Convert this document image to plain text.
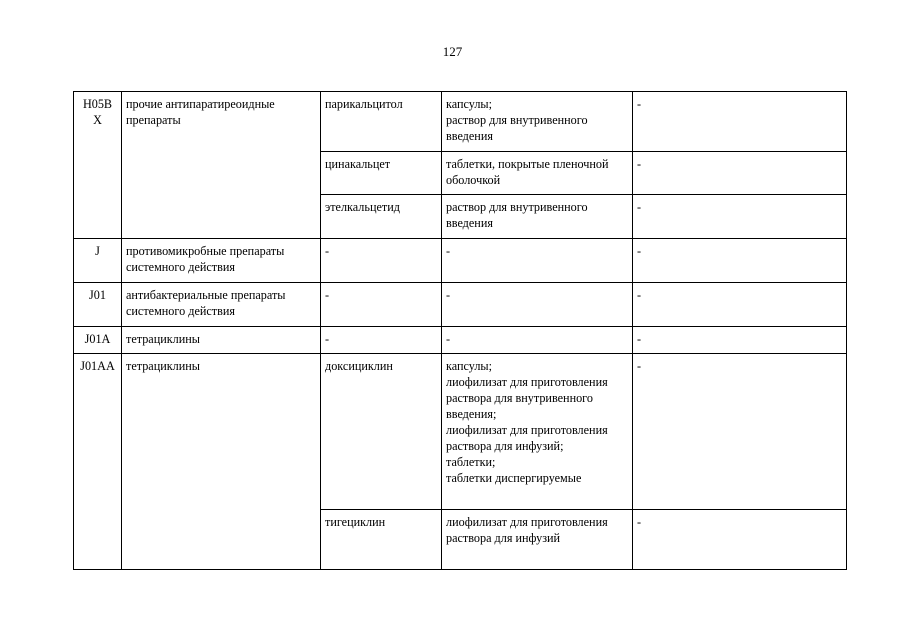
127
H05B X	прочие антипаратиреоидные препараты	парикальцитол	капсулы;
раствор для внутривенного введения	-
		цинакальцет	таблетки, покрытые пленочной оболочкой	-
		этелкальцетид	раствор для внутривенного введения	-
J	противомикробные препараты системного действия	-	-	-
J01	антибактериальные препараты системного действия	-	-	-
J01A	тетрациклины	-	-	-
J01AA	тетрациклины	доксициклин	капсулы;
лиофилизат для приготовления раствора для внутривенного введения;
лиофилизат для приготовления раствора для инфузий;
таблетки;
таблетки диспергируемые	-
		тигециклин	лиофилизат для приготовления раствора для инфузий	-
